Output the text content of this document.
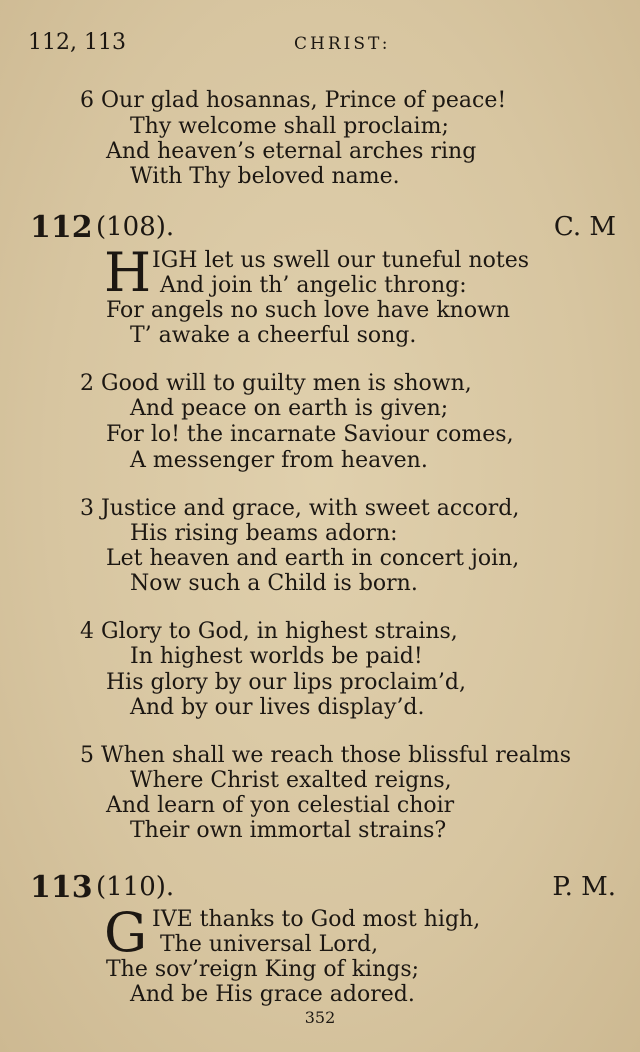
112, 113	CHRIST:
6 Our glad hosannas, Prince of peace!
Thy welcome shall proclaim;
And heaven’s eternal arches ring
With Thy beloved name.
112 (108).	C. M
H IGH let us swell our tuneful notes
And join th’ angelic throng:
For angels no such love have known
T’ awake a cheerful song.
2 Good will to guilty men is shown,
And peace on earth is given;
For lo! the incarnate Saviour comes,
A messenger from heaven.
3 Justice and grace, with sweet accord,
His rising beams adorn:
Let heaven and earth in concert join,
Now such a Child is born.
4 Glory to God, in highest strains,
In highest worlds be paid!
His glory by our lips proclaim’d,
And by our lives display’d.
5 When shall we reach those blissful realms
Where Christ exalted reigns,
And learn of yon celestial choir
Their own immortal strains?
113 (110).	P. M.
G IVE thanks to God most high,
The universal Lord,
The sov’reign King of kings;
And be His grace adored.
352
